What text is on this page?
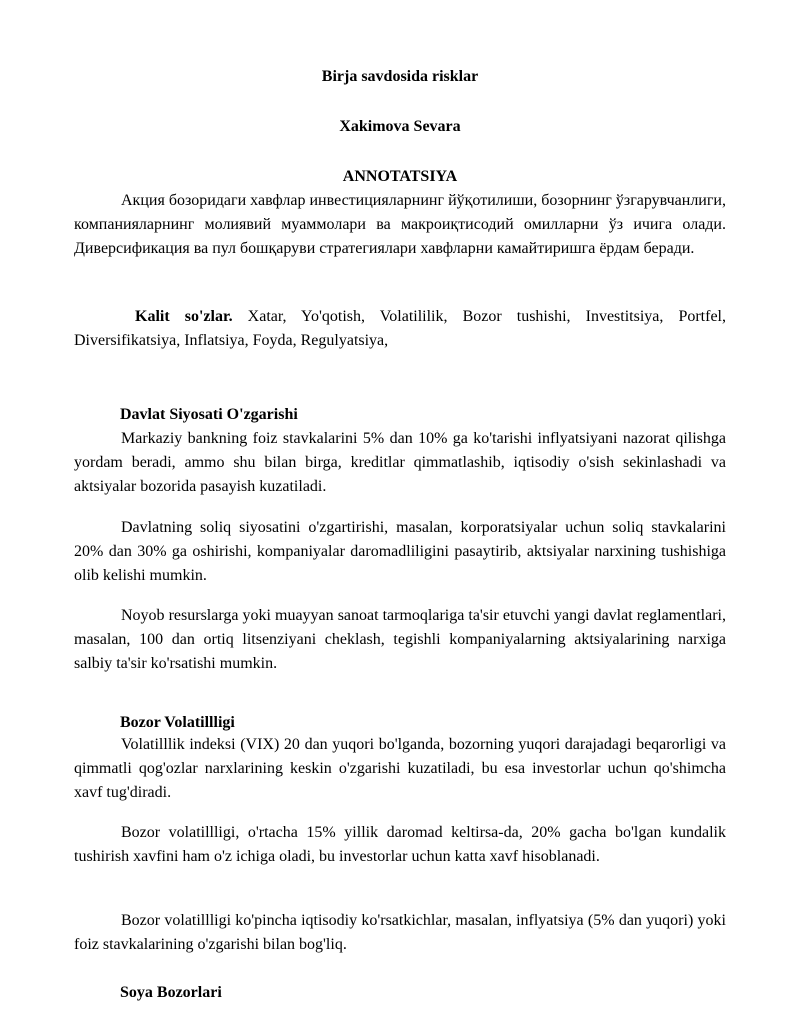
Birja savdosida risklar
Xakimova Sevara
ANNOTATSIYA
Акция бозоридаги хавфлар инвестицияларнинг йўқотилиши, бозорнинг ўзгарувчанлиги, компанияларнинг молиявий муаммолари ва макроиқтисодий омилларни ўз ичига олади. Диверсификация ва пул бошқаруви стратегиялари хавфларни камайтиришга ёрдам беради.
Kalit so'zlar. Xatar, Yo'qotish, Volatililik, Bozor tushishi, Investitsiya, Portfel, Diversifikatsiya, Inflatsiya, Foyda, Regulyatsiya,
Davlat Siyosati O'zgarishi
Markaziy bankning foiz stavkalarini 5% dan 10% ga ko'tarishi inflyatsiyani nazorat qilishga yordam beradi, ammo shu bilan birga, kreditlar qimmatlashib, iqtisodiy o'sish sekinlashadi va aktsiyalar bozorida pasayish kuzatiladi.
Davlatning soliq siyosatini o'zgartirishi, masalan, korporatsiyalar uchun soliq stavkalarini 20% dan 30% ga oshirishi, kompaniyalar daromadliligini pasaytirib, aktsiyalar narxining tushishiga olib kelishi mumkin.
Noyob resurslarga yoki muayyan sanoat tarmoqlariga ta'sir etuvchi yangi davlat reglamentlari, masalan, 100 dan ortiq litsenziyani cheklash, tegishli kompaniyalarning aktsiyalarining narxiga salbiy ta'sir ko'rsatishi mumkin.
Bozor Volatillligi
Volatilllik indeksi (VIX) 20 dan yuqori bo'lganda, bozorning yuqori darajadagi beqarorligi va qimmatli qog'ozlar narxlarining keskin o'zgarishi kuzatiladi, bu esa investorlar uchun qo'shimcha xavf tug'diradi.
Bozor volatillligi, o'rtacha 15% yillik daromad keltirsa-da, 20% gacha bo'lgan kundalik tushirish xavfini ham o'z ichiga oladi, bu investorlar uchun katta xavf hisoblanadi.
Bozor volatillligi ko'pincha iqtisodiy ko'rsatkichlar, masalan, inflyatsiya (5% dan yuqori) yoki foiz stavkalarining o'zgarishi bilan bog'liq.
Soya Bozorlari
